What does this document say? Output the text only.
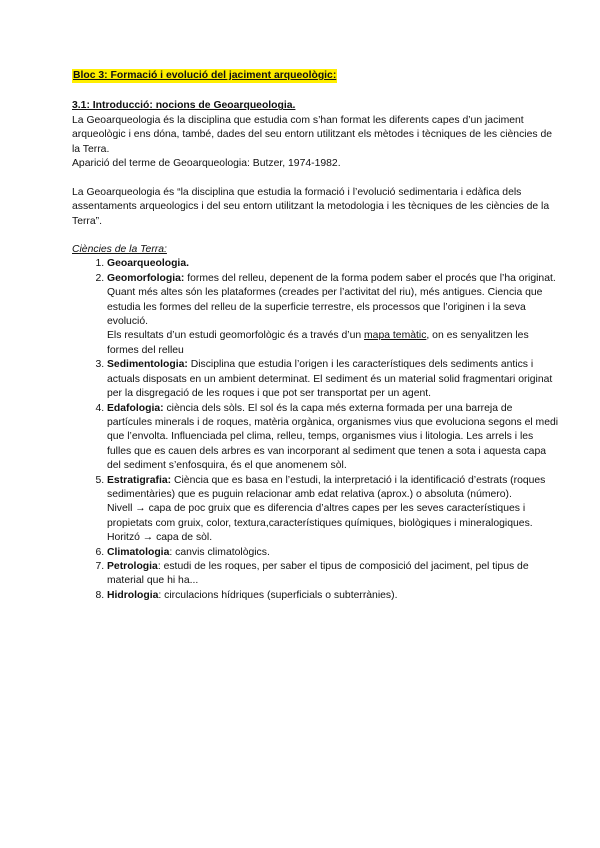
Bloc 3: Formació i evolució del jaciment arqueològic:
3.1: Introducció: nocions de Geoarqueologia.

La Geoarqueologia és la disciplina que estudia com s’han format les diferents capes d’un jaciment arqueològic i ens dóna, també, dades del seu entorn utilitzant els mètodes i tècniques de les ciències de la Terra.

Aparició del terme de Geoarqueologia: Butzer, 1974-1982.

La Geoarqueologia és “la disciplina que estudia la formació i l’evolució sedimentaria i edàfica dels assentaments arqueologics i del seu entorn utilitzant la metodologia i les tècniques de les ciències de la Terra”.

Ciències de la Terra:
1. Geoarqueologia.
2. Geomorfologia: formes del relleu, depenent de la forma podem saber el procés que l’ha originat. Quant més altes són les plataformes (creades per l’activitat del riu), més antigues. Ciencia que estudia les formes del relleu de la superficie terrestre, els processos que l’originen i la seva evolució.
Els resultats d’un estudi geomorfològic és a través d’un mapa temàtic, on es senyalitzen les formes del relleu
3. Sedimentologia: Disciplina que estudia l’origen i les característiques dels sediments antics i actuals disposats en un ambient determinat. El sediment és un material solid fragmentari originat per la disgregació de les roques i que pot ser transportat per un agent.
4. Edafologia: ciència dels sòls. El sol és la capa més externa formada per una barreja de partícules minerals i de roques, matèria orgànica, organismes vius que evoluciona segons el medi que l’envolta. Influenciada pel clima, relleu, temps, organismes vius i litologia. Les arrels i les fulles que es cauen dels arbres es van incorporant al sediment que tenen a sota i aquesta capa del sediment s’enfosquira, és el que anomenem sòl.
5. Estratigrafia: Ciència que es basa en l’estudi, la interpretació i la identificació d’estrats (roques sedimentàries) que es puguin relacionar amb edat relativa (aprox.) o absoluta (número).
Nivell → capa de poc gruix que es diferencia d’altres capes per les seves característiques i propietats com gruix, color, textura,característiques químiques, biològiques i mineralogiques.
Horitzó → capa de sòl.
6. Climatologia: canvis climatològics.
7. Petrologia: estudi de les roques, per saber el tipus de composició del jaciment, pel tipus de material que hi ha...
8. Hidrologia: circulacions hídriques (superficials o subterrànies).
